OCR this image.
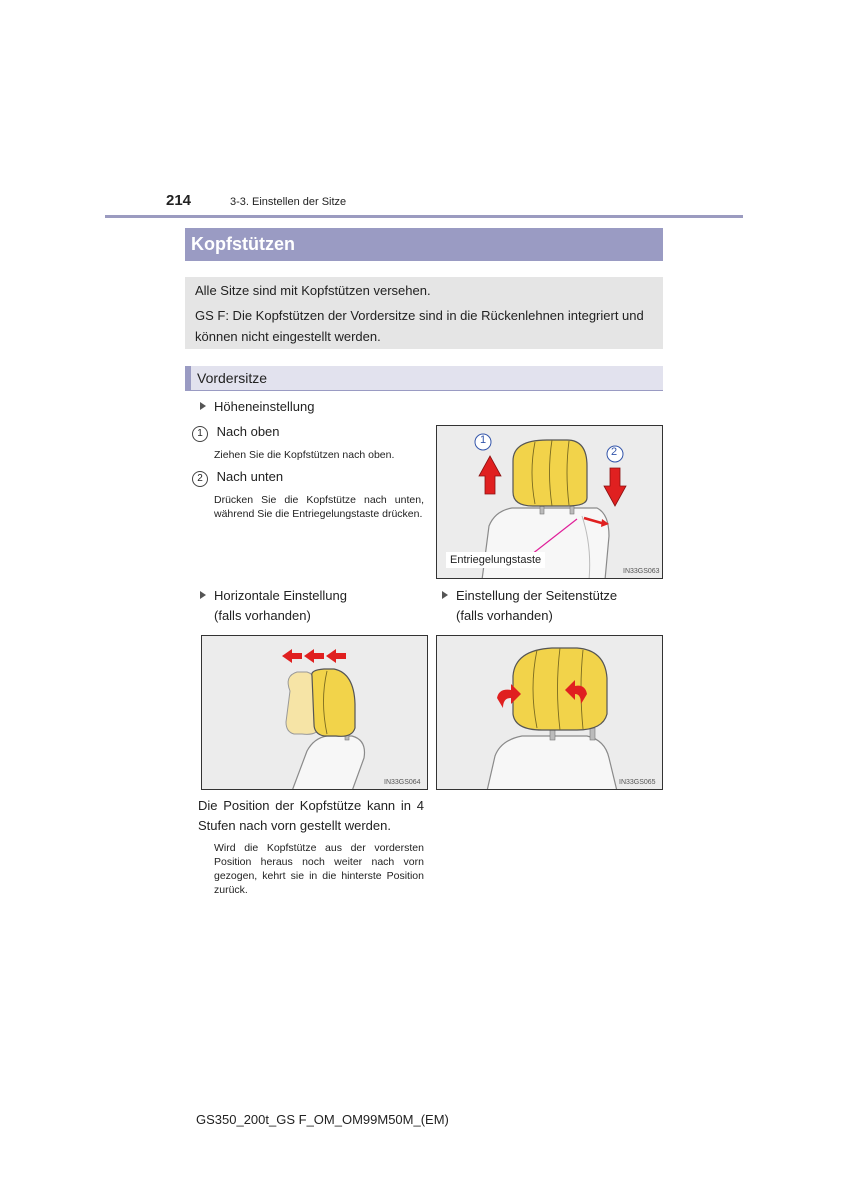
214	3-3. Einstellen der Sitze
Kopfstützen

Alle Sitze sind mit Kopfstützen versehen.

GS F: Die Kopfstützen der Vordersitze sind in die Rückenlehnen integriert und können nicht eingestellt werden.

Vordersitze
Höheneinstellung
1 Nach oben
Ziehen Sie die Kopfstützen nach oben.
2 Nach unten
Drücken Sie die Kopfstütze nach unten, während Sie die Entriegelungstaste drücken.
1
2
Entriegelungstaste
IN33GS063
Horizontale Einstellung
(falls vorhanden)
Einstellung der Seitenstütze
(falls vorhanden)
IN33GS064	IN33GS065
Die Position der Kopfstütze kann in 4 Stufen nach vorn gestellt werden.
Wird die Kopfstütze aus der vordersten Position heraus noch weiter nach vorn gezogen, kehrt sie in die hinterste Position zurück.
GS350_200t_GS F_OM_OM99M50M_(EM)
